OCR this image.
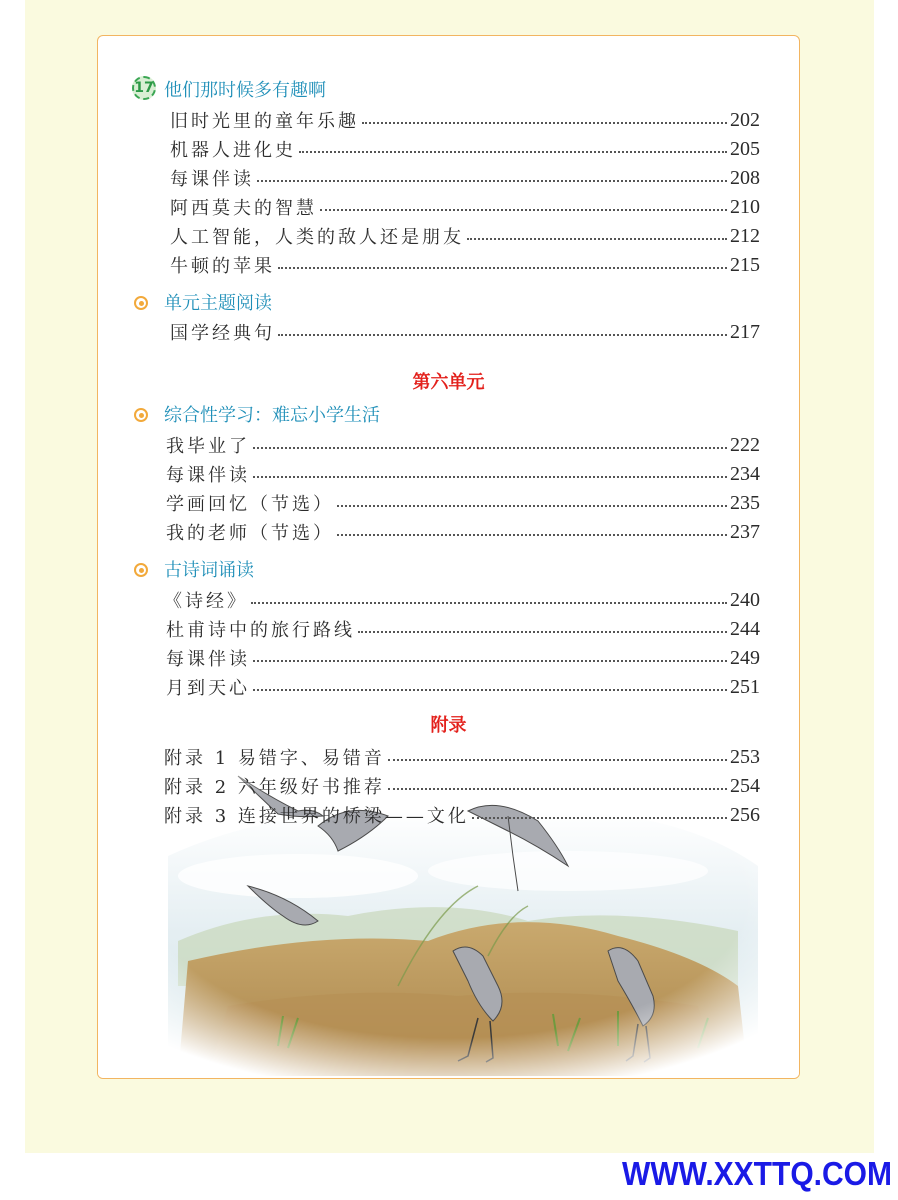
17 他们那时候多有趣啊
旧时光里的童年乐趣	202
机器人进化史	205
每课伴读	208
阿西莫夫的智慧	210
人工智能，人类的敌人还是朋友	212
牛顿的苹果	215
单元主题阅读
国学经典句	217
第六单元
综合性学习：难忘小学生活
我毕业了	222
每课伴读	234
学画回忆（节选）	235
我的老师（节选）	237
古诗词诵读
《诗经》	240
杜甫诗中的旅行路线	244
每课伴读	249
月到天心	251
附录
附录 1 易错字、易错音	253
附录 2 六年级好书推荐	254
附录 3 连接世界的桥梁——文化	256
WWW.XXTTQ.COM
